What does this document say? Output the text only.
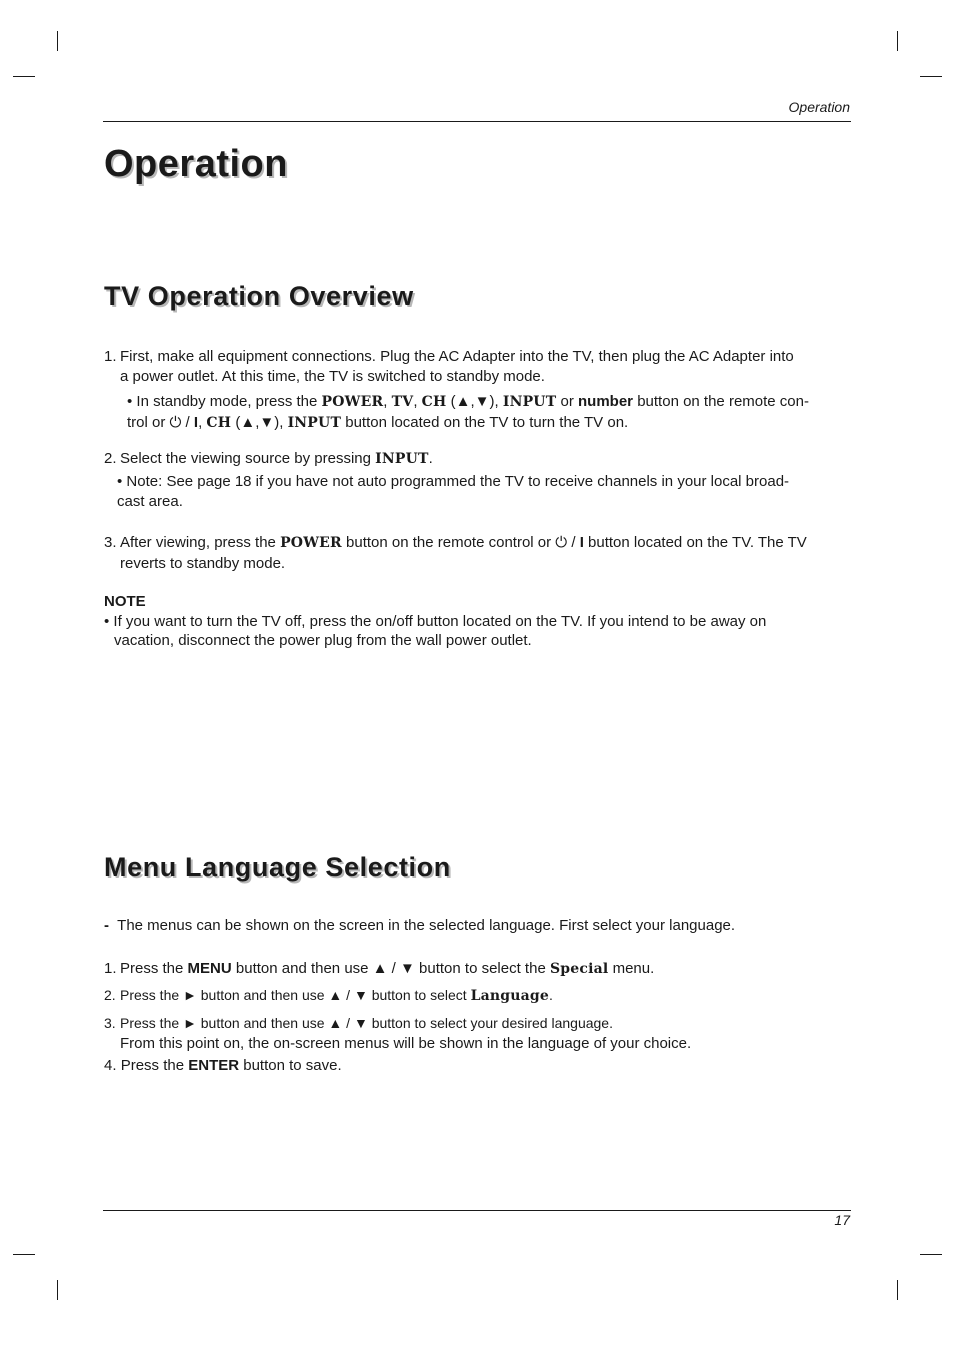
Operation
Operation
TV Operation Overview
1. First, make all equipment connections. Plug the AC Adapter into the TV, then plug the AC Adapter into
a power outlet. At this time, the TV is switched to standby mode.
• In standby mode, press the POWER, TV, CH (▲,▼), INPUT or number button on the remote con-
trol or ⏻ / I, CH (▲,▼), INPUT button located on the TV to turn the TV on.
2. Select the viewing source by pressing INPUT.
• Note: See page 18 if you have not auto programmed the TV to receive channels in your local broad-
cast area.
3. After viewing, press the POWER button on the remote control or ⏻ / I button located on the TV. The TV
reverts to standby mode.
NOTE
• If you want to turn the TV off, press the on/off button located on the TV. If you intend to be away on
vacation, disconnect the power plug from the wall power outlet.
Menu Language Selection
- The menus can be shown on the screen in the selected language. First select your language.
1. Press the MENU button and then use ▲ / ▼ button to select the Special menu.
2. Press the ► button and then use ▲ / ▼ button to select Language.
3. Press the ► button and then use ▲ / ▼ button to select your desired language.
From this point on, the on-screen menus will be shown in the language of your choice.
4. Press the ENTER button to save.
17
